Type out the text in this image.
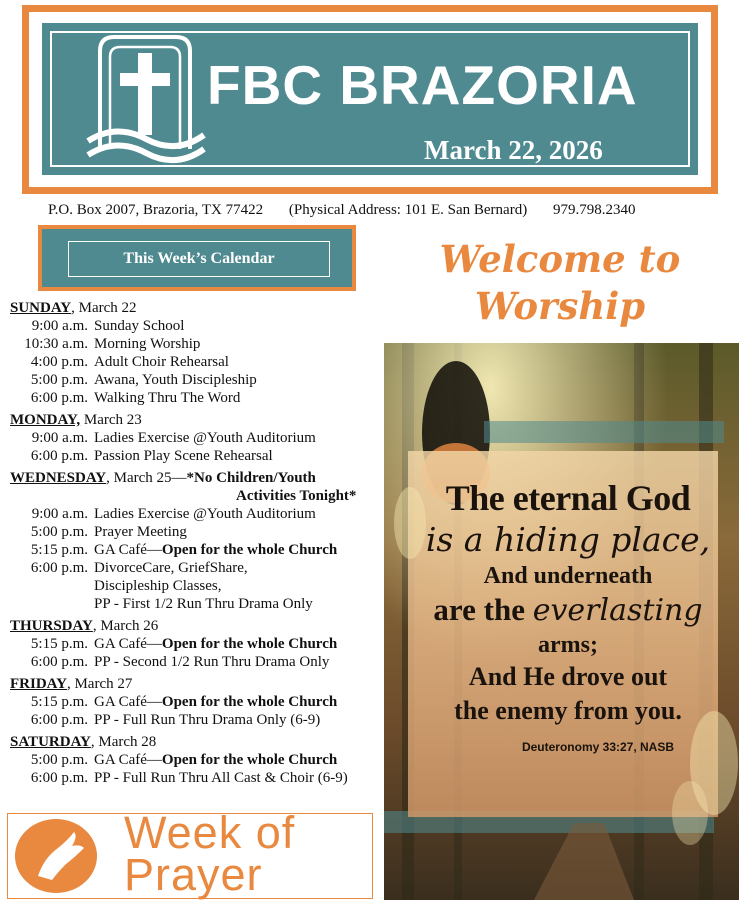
FBC BRAZORIA
March 22, 2026
P.O. Box 2007, Brazoria, TX 77422 (Physical Address: 101 E. San Bernard) 979.798.2340
This Week’s Calendar
SUNDAY, March 22
9:00 a.m. Sunday School
10:30 a.m. Morning Worship
4:00 p.m. Adult Choir Rehearsal
5:00 p.m. Awana, Youth Discipleship
6:00 p.m. Walking Thru The Word
MONDAY, March 23
9:00 a.m. Ladies Exercise @Youth Auditorium
6:00 p.m. Passion Play Scene Rehearsal
WEDNESDAY, March 25—*No Children/Youth
Activities Tonight*
9:00 a.m. Ladies Exercise @Youth Auditorium
5:00 p.m. Prayer Meeting
5:15 p.m. GA Café—Open for the whole Church
6:00 p.m. DivorceCare, GriefShare,
Discipleship Classes,
PP - First 1/2 Run Thru Drama Only
THURSDAY, March 26
5:15 p.m. GA Café—Open for the whole Church
6:00 p.m. PP - Second 1/2 Run Thru Drama Only
FRIDAY, March 27
5:15 p.m. GA Café—Open for the whole Church
6:00 p.m. PP - Full Run Thru Drama Only (6-9)
SATURDAY, March 28
5:00 p.m. GA Café—Open for the whole Church
6:00 p.m. PP - Full Run Thru All Cast & Choir (6-9)
Week of
Prayer
Welcome to
Worship
The eternal God
is a hiding place,
And underneath
are the everlasting
arms;
And He drove out
the enemy from you.
Deuteronomy 33:27, NASB
